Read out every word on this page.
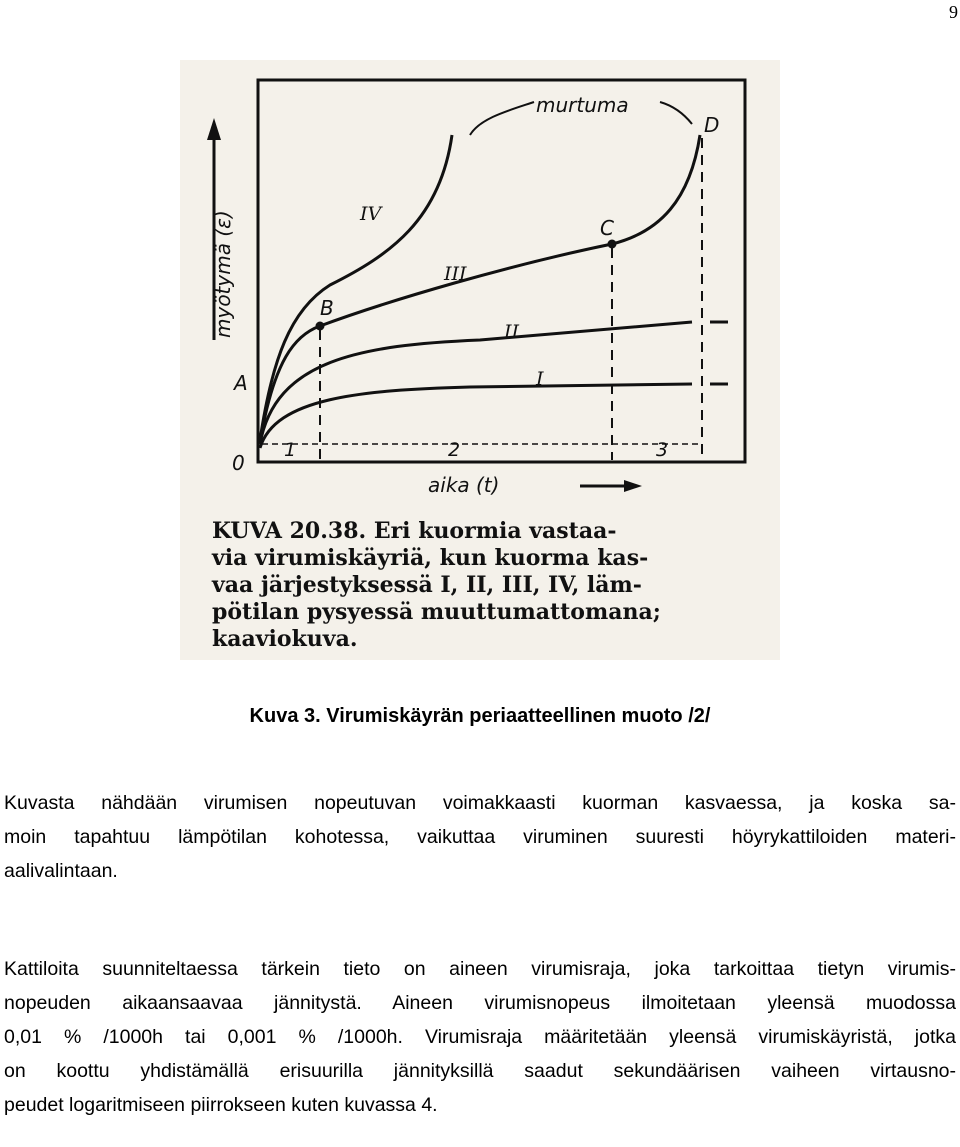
9
myötymä (ε)
aika (t)
0
A	I
II
III
IV
B
C
D
1	2	3
murtuma
KUVA 20.38. Eri kuormia vastaa-
via virumiskäyriä, kun kuorma kas-
vaa järjestyksessä I, II, III, IV, läm-
pötilan pysyessä muuttumattomana;
kaaviokuva.
Kuva 3. Virumiskäyrän periaatteellinen muoto /2/
Kuvasta nähdään virumisen nopeutuvan voimakkaasti kuorman kasvaessa, ja koska sa-
moin tapahtuu lämpötilan kohotessa, vaikuttaa viruminen suuresti höyrykattiloiden materi-
aalivalintaan.
Kattiloita suunniteltaessa tärkein tieto on aineen virumisraja, joka tarkoittaa tietyn virumis-
nopeuden aikaansaavaa jännitystä. Aineen virumisnopeus ilmoitetaan yleensä muodossa
0,01 % /1000h tai 0,001 % /1000h. Virumisraja määritetään yleensä virumiskäyristä, jotka
on koottu yhdistämällä erisuurilla jännityksillä saadut sekundäärisen vaiheen virtausno-
peudet logaritmiseen piirrokseen kuten kuvassa 4.
